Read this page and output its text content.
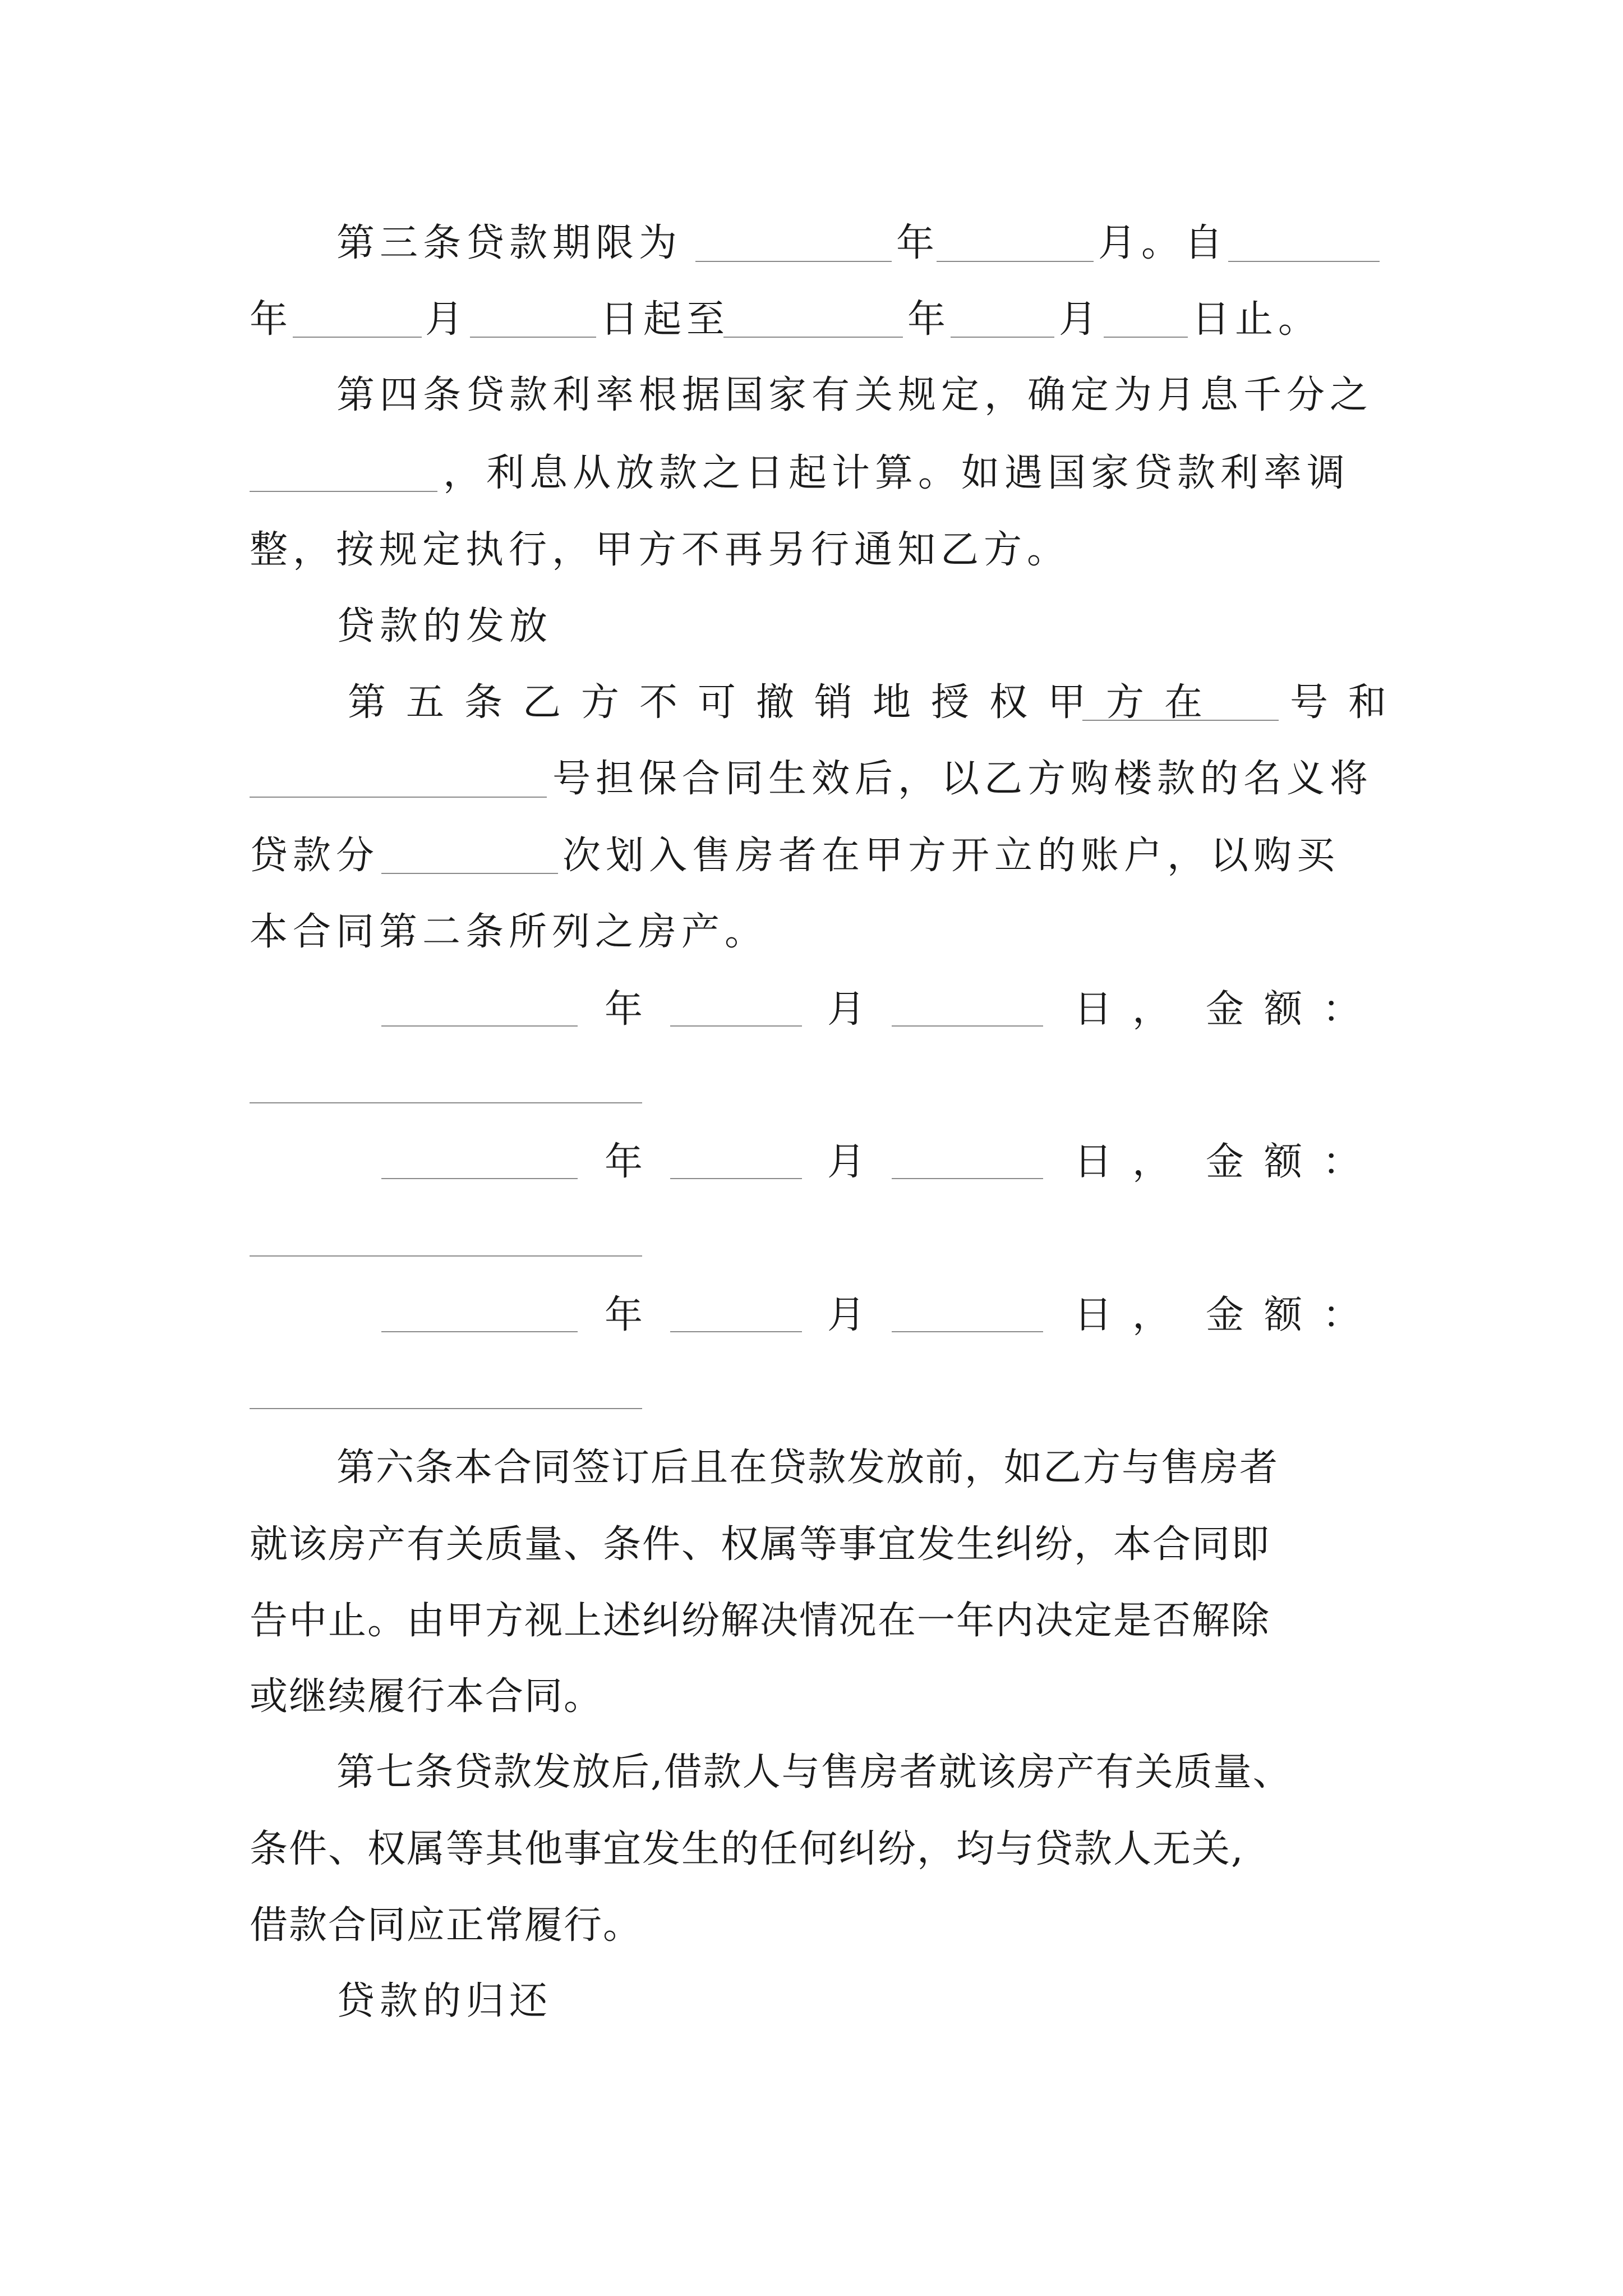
第三条贷款期限为	年	月。自
年	月	日起至	年	月 日止。
第四条贷款利率根据国家有关规定，确定为月息千分之
，利息从放款之日起计算。如遇国家贷款利率调
整，按规定执行，甲方不再另行通知乙方。
贷款的发放
第五条乙方不可撤销地授权甲方在 号和
号担保合同生效后，以乙方购楼款的名义将
贷款分	次划入售房者在甲方开立的账户，以购买
本合同第二条所列之房产。
年	月	日， 金额：
年	月	日， 金额：
年	月	日， 金额：
第六条本合同签订后且在贷款发放前，如乙方与售房者
就该房产有关质量、条件、权属等事宜发生纠纷，本合同即
告中止。由甲方视上述纠纷解决情况在一年内决定是否解除
或继续履行本合同。
第七条贷款发放后,借款人与售房者就该房产有关质量、
条件、权属等其他事宜发生的任何纠纷，均与贷款人无关,
借款合同应正常履行。
贷款的归还
